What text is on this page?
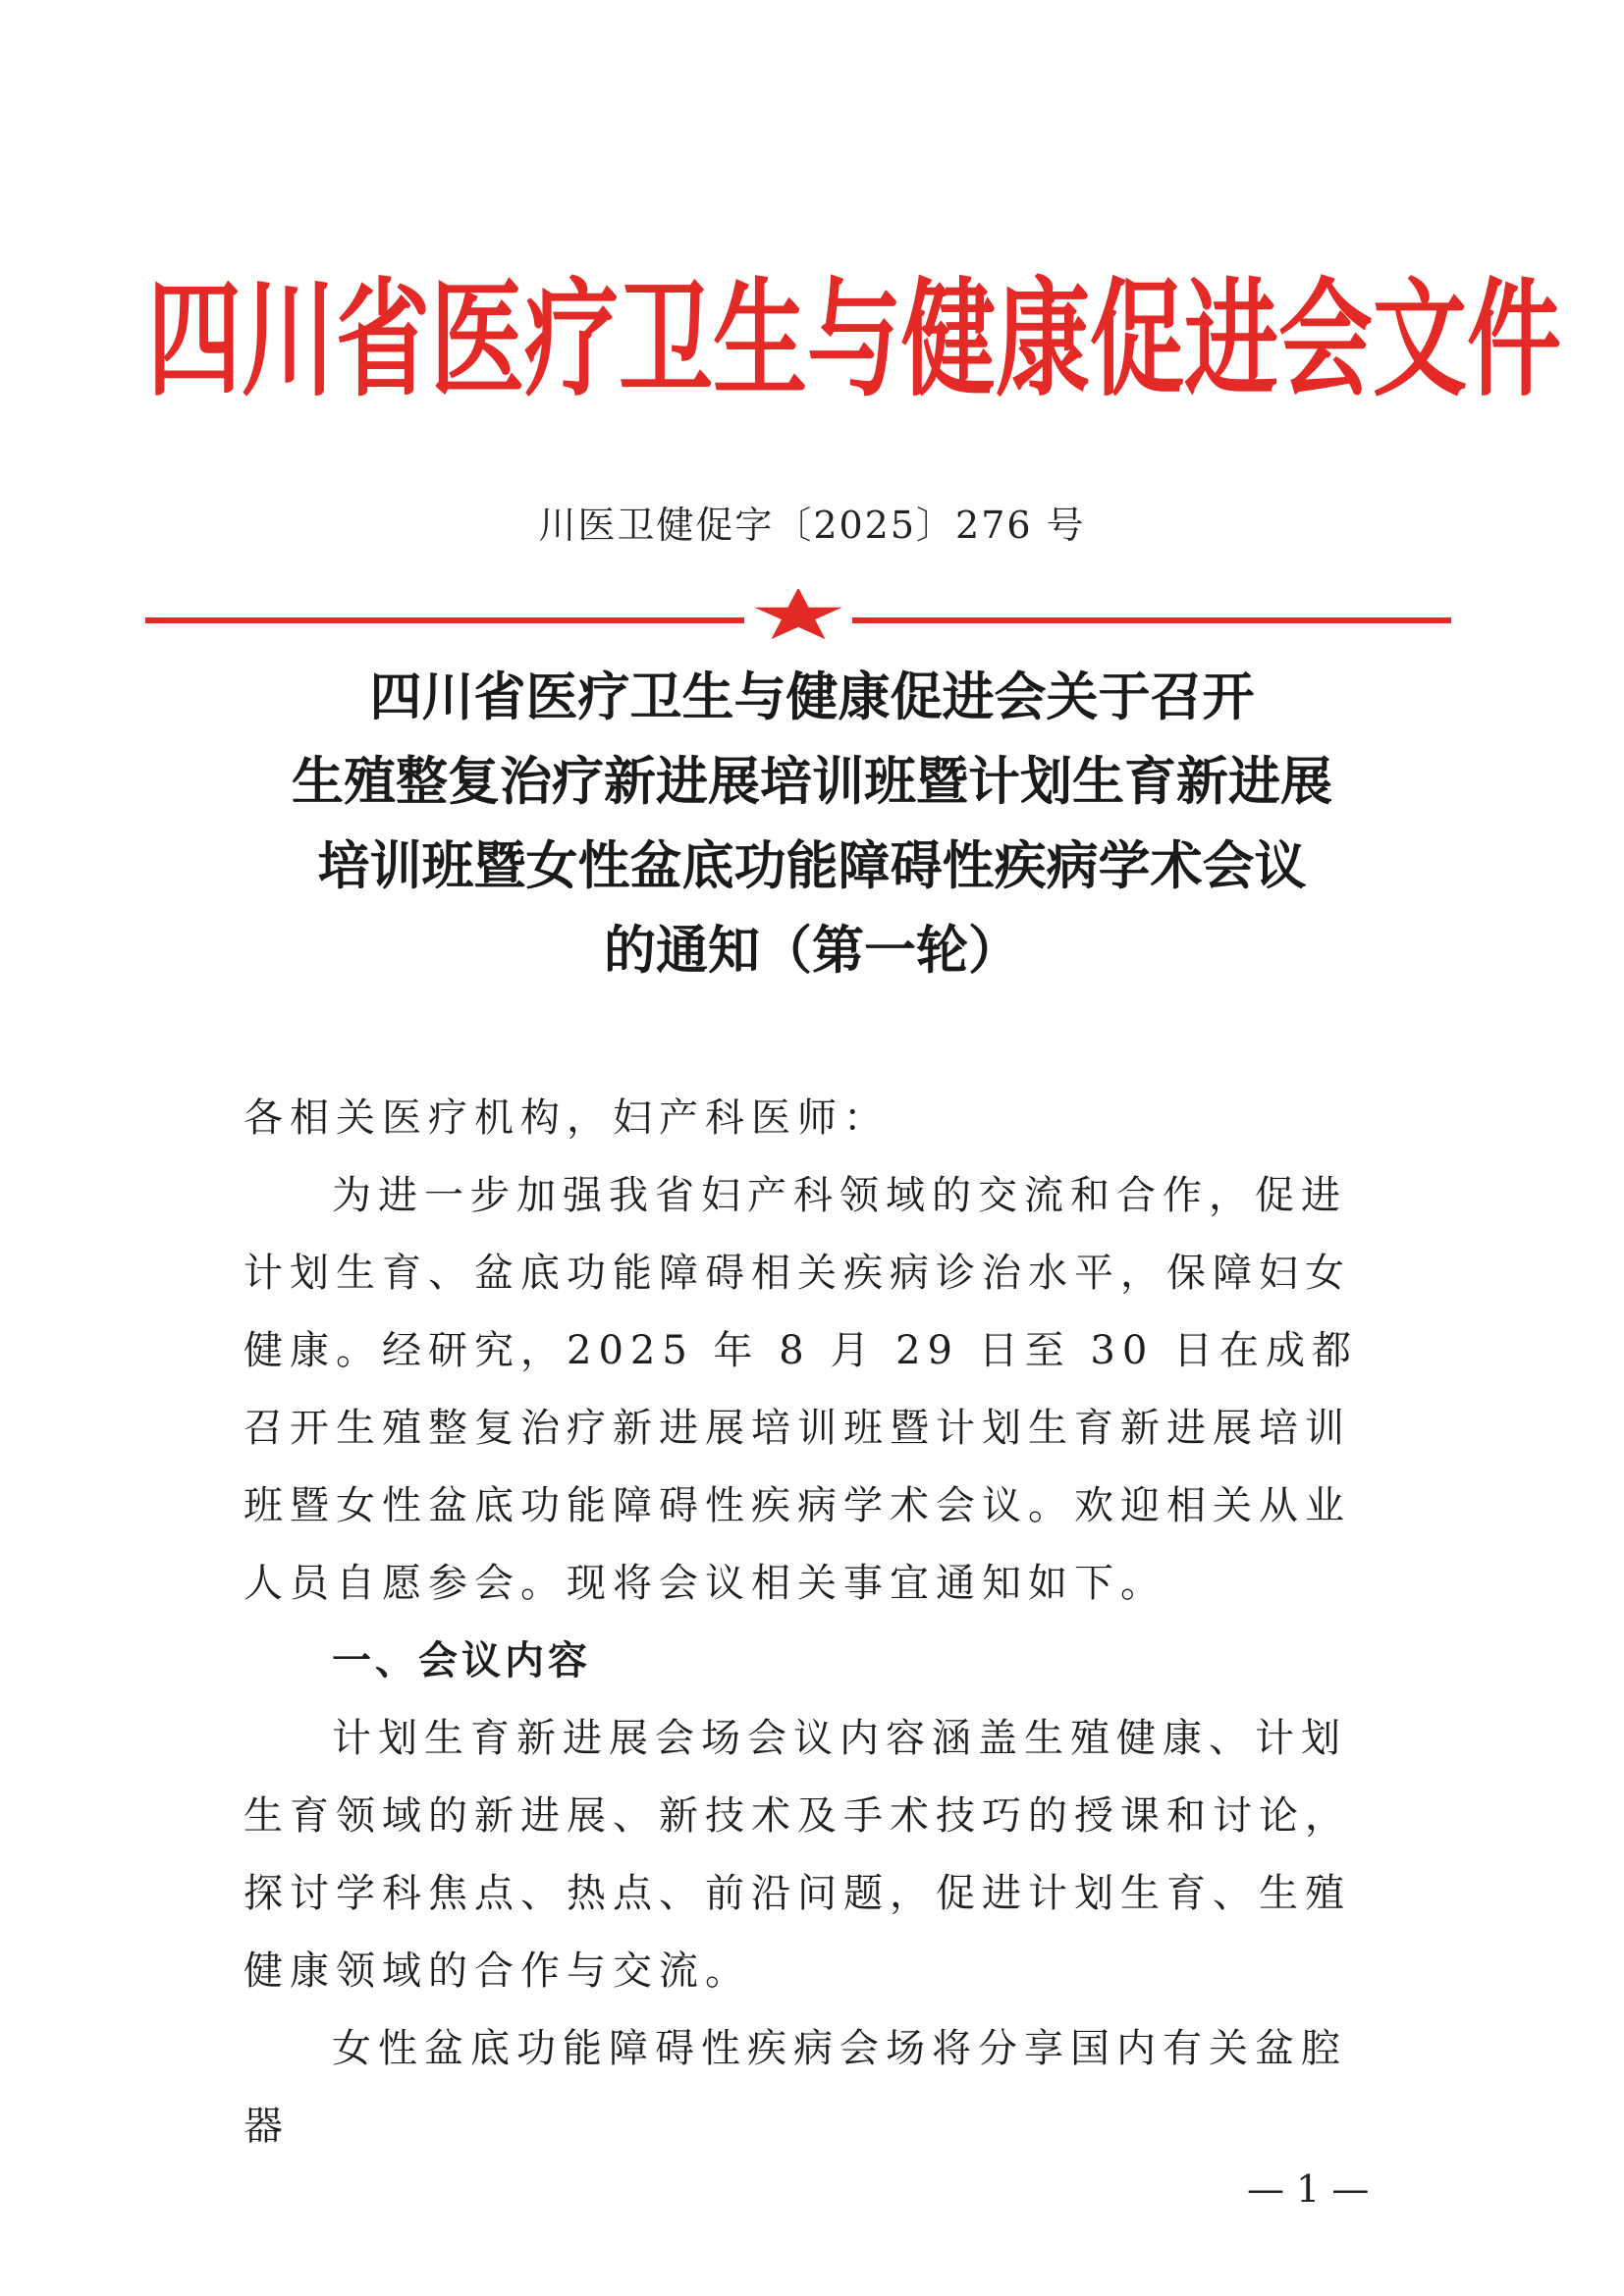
四川省医疗卫生与健康促进会文件
川医卫健促字〔2025〕276 号
四川省医疗卫生与健康促进会关于召开
生殖整复治疗新进展培训班暨计划生育新进展
培训班暨女性盆底功能障碍性疾病学术会议
的通知（第一轮）

各相关医疗机构，妇产科医师：

为进一步加强我省妇产科领域的交流和合作，促进计划生育、盆底功能障碍相关疾病诊治水平，保障妇女健康。经研究，2025 年 8 月 29 日至 30 日在成都召开生殖整复治疗新进展培训班暨计划生育新进展培训班暨女性盆底功能障碍性疾病学术会议。欢迎相关从业人员自愿参会。现将会议相关事宜通知如下。

一、会议内容

计划生育新进展会场会议内容涵盖生殖健康、计划生育领域的新进展、新技术及手术技巧的授课和讨论，探讨学科焦点、热点、前沿问题，促进计划生育、生殖健康领域的合作与交流。

女性盆底功能障碍性疾病会场将分享国内有关盆腔器

— 1 —
